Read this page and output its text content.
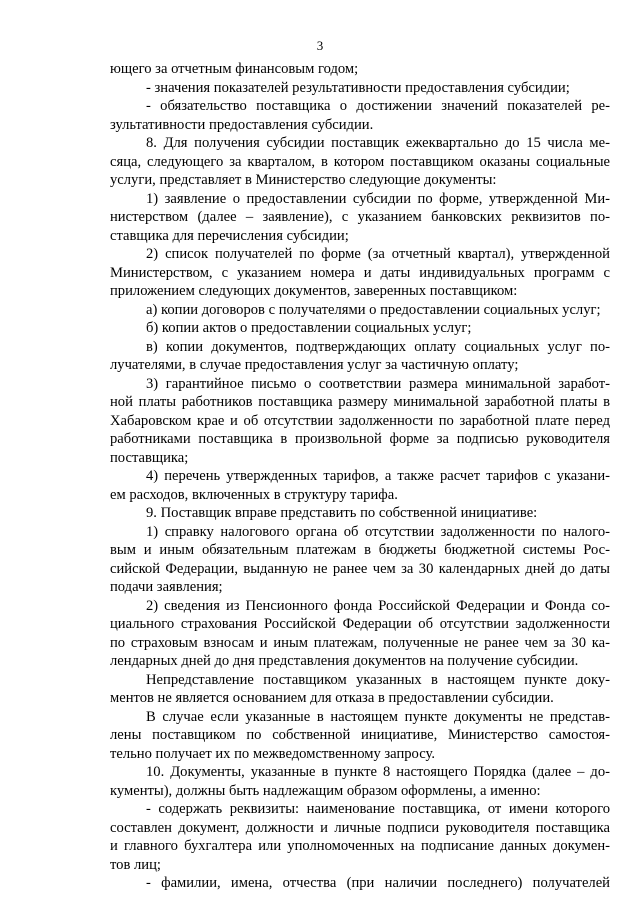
3
ющего за отчетным финансовым годом;
- значения показателей результативности предоставления субсидии;
- обязательство поставщика о достижении значений показателей ре-
зультативности предоставления субсидии.
8. Для получения субсидии поставщик ежеквартально до 15 числа ме-
сяца, следующего за кварталом, в котором поставщиком оказаны социальные
услуги, представляет в Министерство следующие документы:
1) заявление о предоставлении субсидии по форме, утвержденной Ми-
нистерством (далее – заявление), с указанием банковских реквизитов по-
ставщика для перечисления субсидии;
2) список получателей по форме (за отчетный квартал), утвержденной
Министерством, с указанием номера и даты индивидуальных программ с
приложением следующих документов, заверенных поставщиком:
а) копии договоров с получателями о предоставлении социальных услуг;
б) копии актов о предоставлении социальных услуг;
в) копии документов, подтверждающих оплату социальных услуг по-
лучателями, в случае предоставления услуг за частичную оплату;
3) гарантийное письмо о соответствии размера минимальной заработ-
ной платы работников поставщика размеру минимальной заработной платы в
Хабаровском крае и об отсутствии задолженности по заработной плате перед
работниками поставщика в произвольной форме за подписью руководителя
поставщика;
4) перечень утвержденных тарифов, а также расчет тарифов с указани-
ем расходов, включенных в структуру тарифа.
9. Поставщик вправе представить по собственной инициативе:
1) справку налогового органа об отсутствии задолженности по налого-
вым и иным обязательным платежам в бюджеты бюджетной системы Рос-
сийской Федерации, выданную не ранее чем за 30 календарных дней до даты
подачи заявления;
2) сведения из Пенсионного фонда Российской Федерации и Фонда со-
циального страхования Российской Федерации об отсутствии задолженности
по страховым взносам и иным платежам, полученные не ранее чем за 30 ка-
лендарных дней до дня представления документов на получение субсидии.
Непредставление поставщиком указанных в настоящем пункте доку-
ментов не является основанием для отказа в предоставлении субсидии.
В случае если указанные в настоящем пункте документы не представ-
лены поставщиком по собственной инициативе, Министерство самостоя-
тельно получает их по межведомственному запросу.
10. Документы, указанные в пункте 8 настоящего Порядка (далее – до-
кументы), должны быть надлежащим образом оформлены, а именно:
- содержать реквизиты: наименование поставщика, от имени которого
составлен документ, должности и личные подписи руководителя поставщика
и главного бухгалтера или уполномоченных на подписание данных докумен-
тов лиц;
- фамилии, имена, отчества (при наличии последнего) получателей
